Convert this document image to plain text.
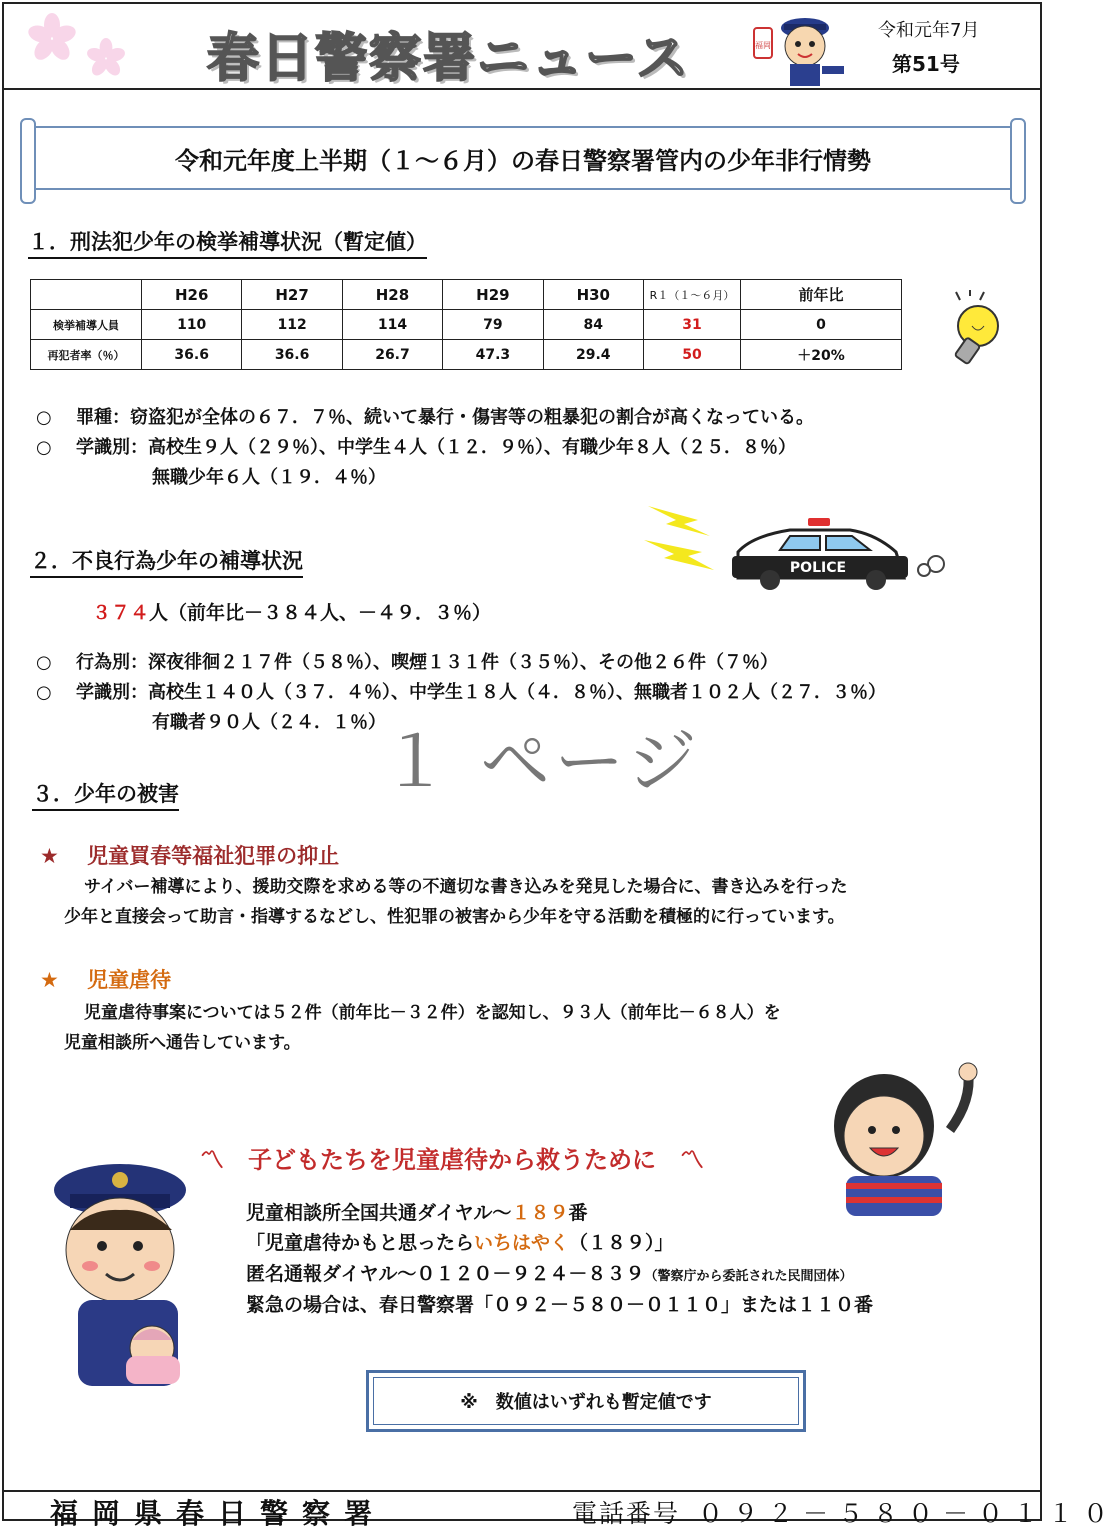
春日警察署ニュース	福岡
令和元年7月
第51号
令和元年度上半期（１～６月）の春日警察署管内の少年非行情勢
１．刑法犯少年の検挙補導状況（暫定値）
	H26	H27	H28	H29	H30	R１（１～６月）	前年比
検挙補導人員	110	112	114	79	84	31	0
再犯者率（％）	36.6	36.6	26.7	47.3	29.4	50	＋20%
○　 罪種：窃盗犯が全体の６７．７％、続いて暴行・傷害等の粗暴犯の割合が高くなっている。
○　 学識別：高校生９人（２９％）、中学生４人（１２．９％）、有職少年８人（２５．８％）
無職少年６人（１９．４％）
POLICE
２．不良行為少年の補導状況
３７４人（前年比－３８４人、－４９．３％）
○　 行為別：深夜徘徊２１７件（５８％）、喫煙１３１件（３５％）、その他２６件（７％）
○　 学識別：高校生１４０人（３７．４％）、中学生１８人（４．８％）、無職者１０２人（２７．３％）
有職者９０人（２４．１％）
１ ページ
３．少年の被害
★　 児童買春等福祉犯罪の抑止
サイバー補導により、援助交際を求める等の不適切な書き込みを発見した場合に、書き込みを行った
少年と直接会って助言・指導するなどし、性犯罪の被害から少年を守る活動を積極的に行っています。
★　 児童虐待
児童虐待事案については５２件（前年比－３２件）を認知し、９３人（前年比－６８人）を
児童相談所へ通告しています。
〽　 子どもたちを児童虐待から救うために　 〽
児童相談所全国共通ダイヤル～１８９番
「児童虐待かもと思ったらいちはやく（１８９）」
匿名通報ダイヤル～０１２０－９２４－８３９（警察庁から委託された民間団体）
緊急の場合は、春日警察署「０９２－５８０－０１１０」または１１０番
※　数値はいずれも暫定値です
福岡県春日警察署	電話番号 ０９２－５８０－０１１０
